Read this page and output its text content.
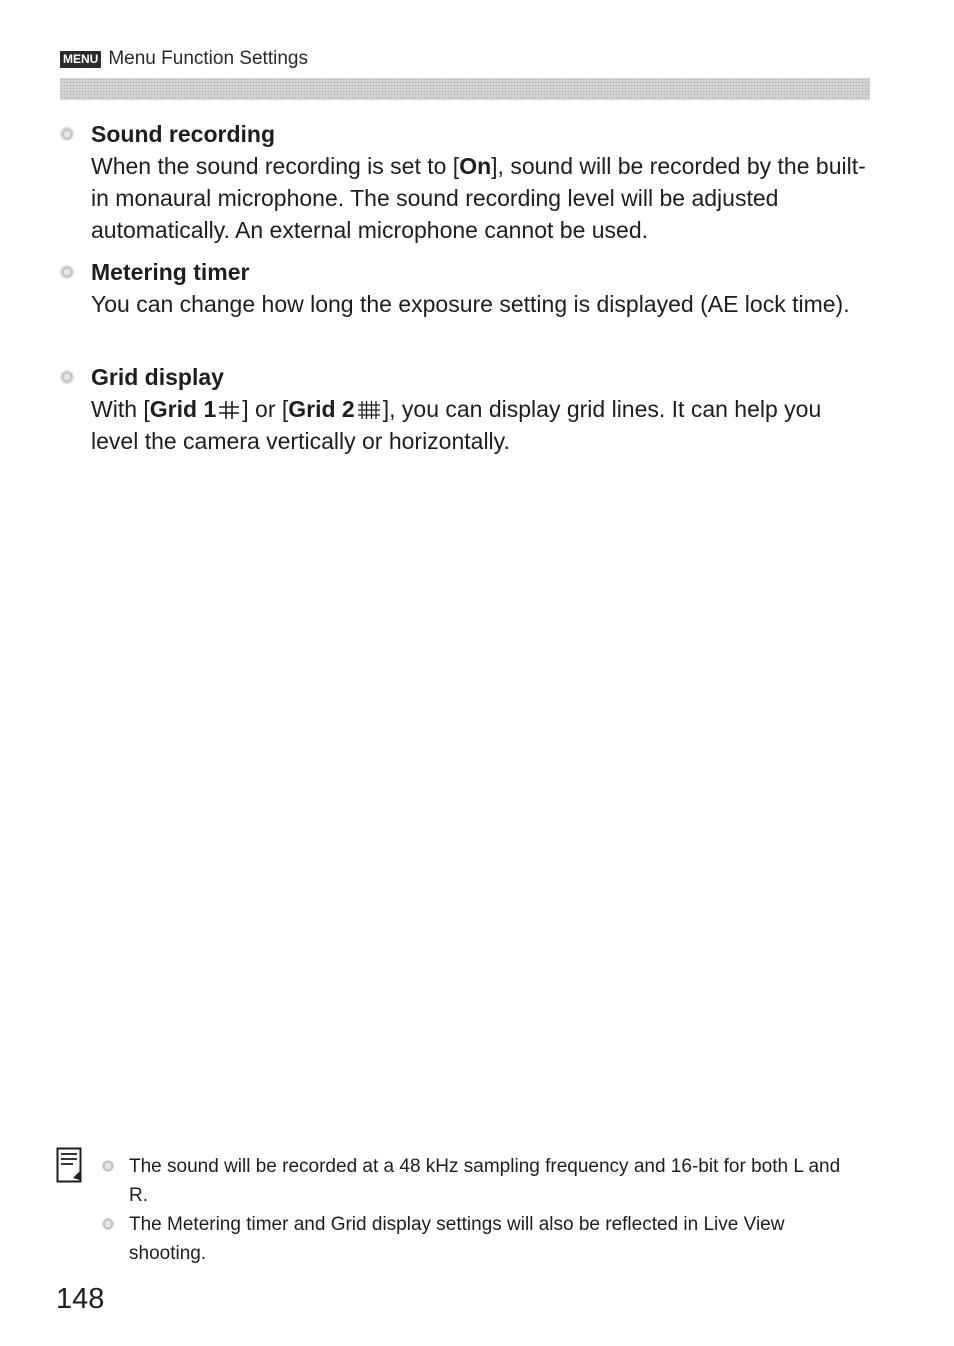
MENU Menu Function Settings
Sound recording
When the sound recording is set to [On], sound will be recorded by the built-in monaural microphone. The sound recording level will be adjusted automatically. An external microphone cannot be used.
Metering timer
You can change how long the exposure setting is displayed (AE lock time).
Grid display
With [Grid 1 ] or [Grid 2 ], you can display grid lines. It can help you level the camera vertically or horizontally.
The sound will be recorded at a 48 kHz sampling frequency and 16-bit for both L and R.
The Metering timer and Grid display settings will also be reflected in Live View shooting.
148
